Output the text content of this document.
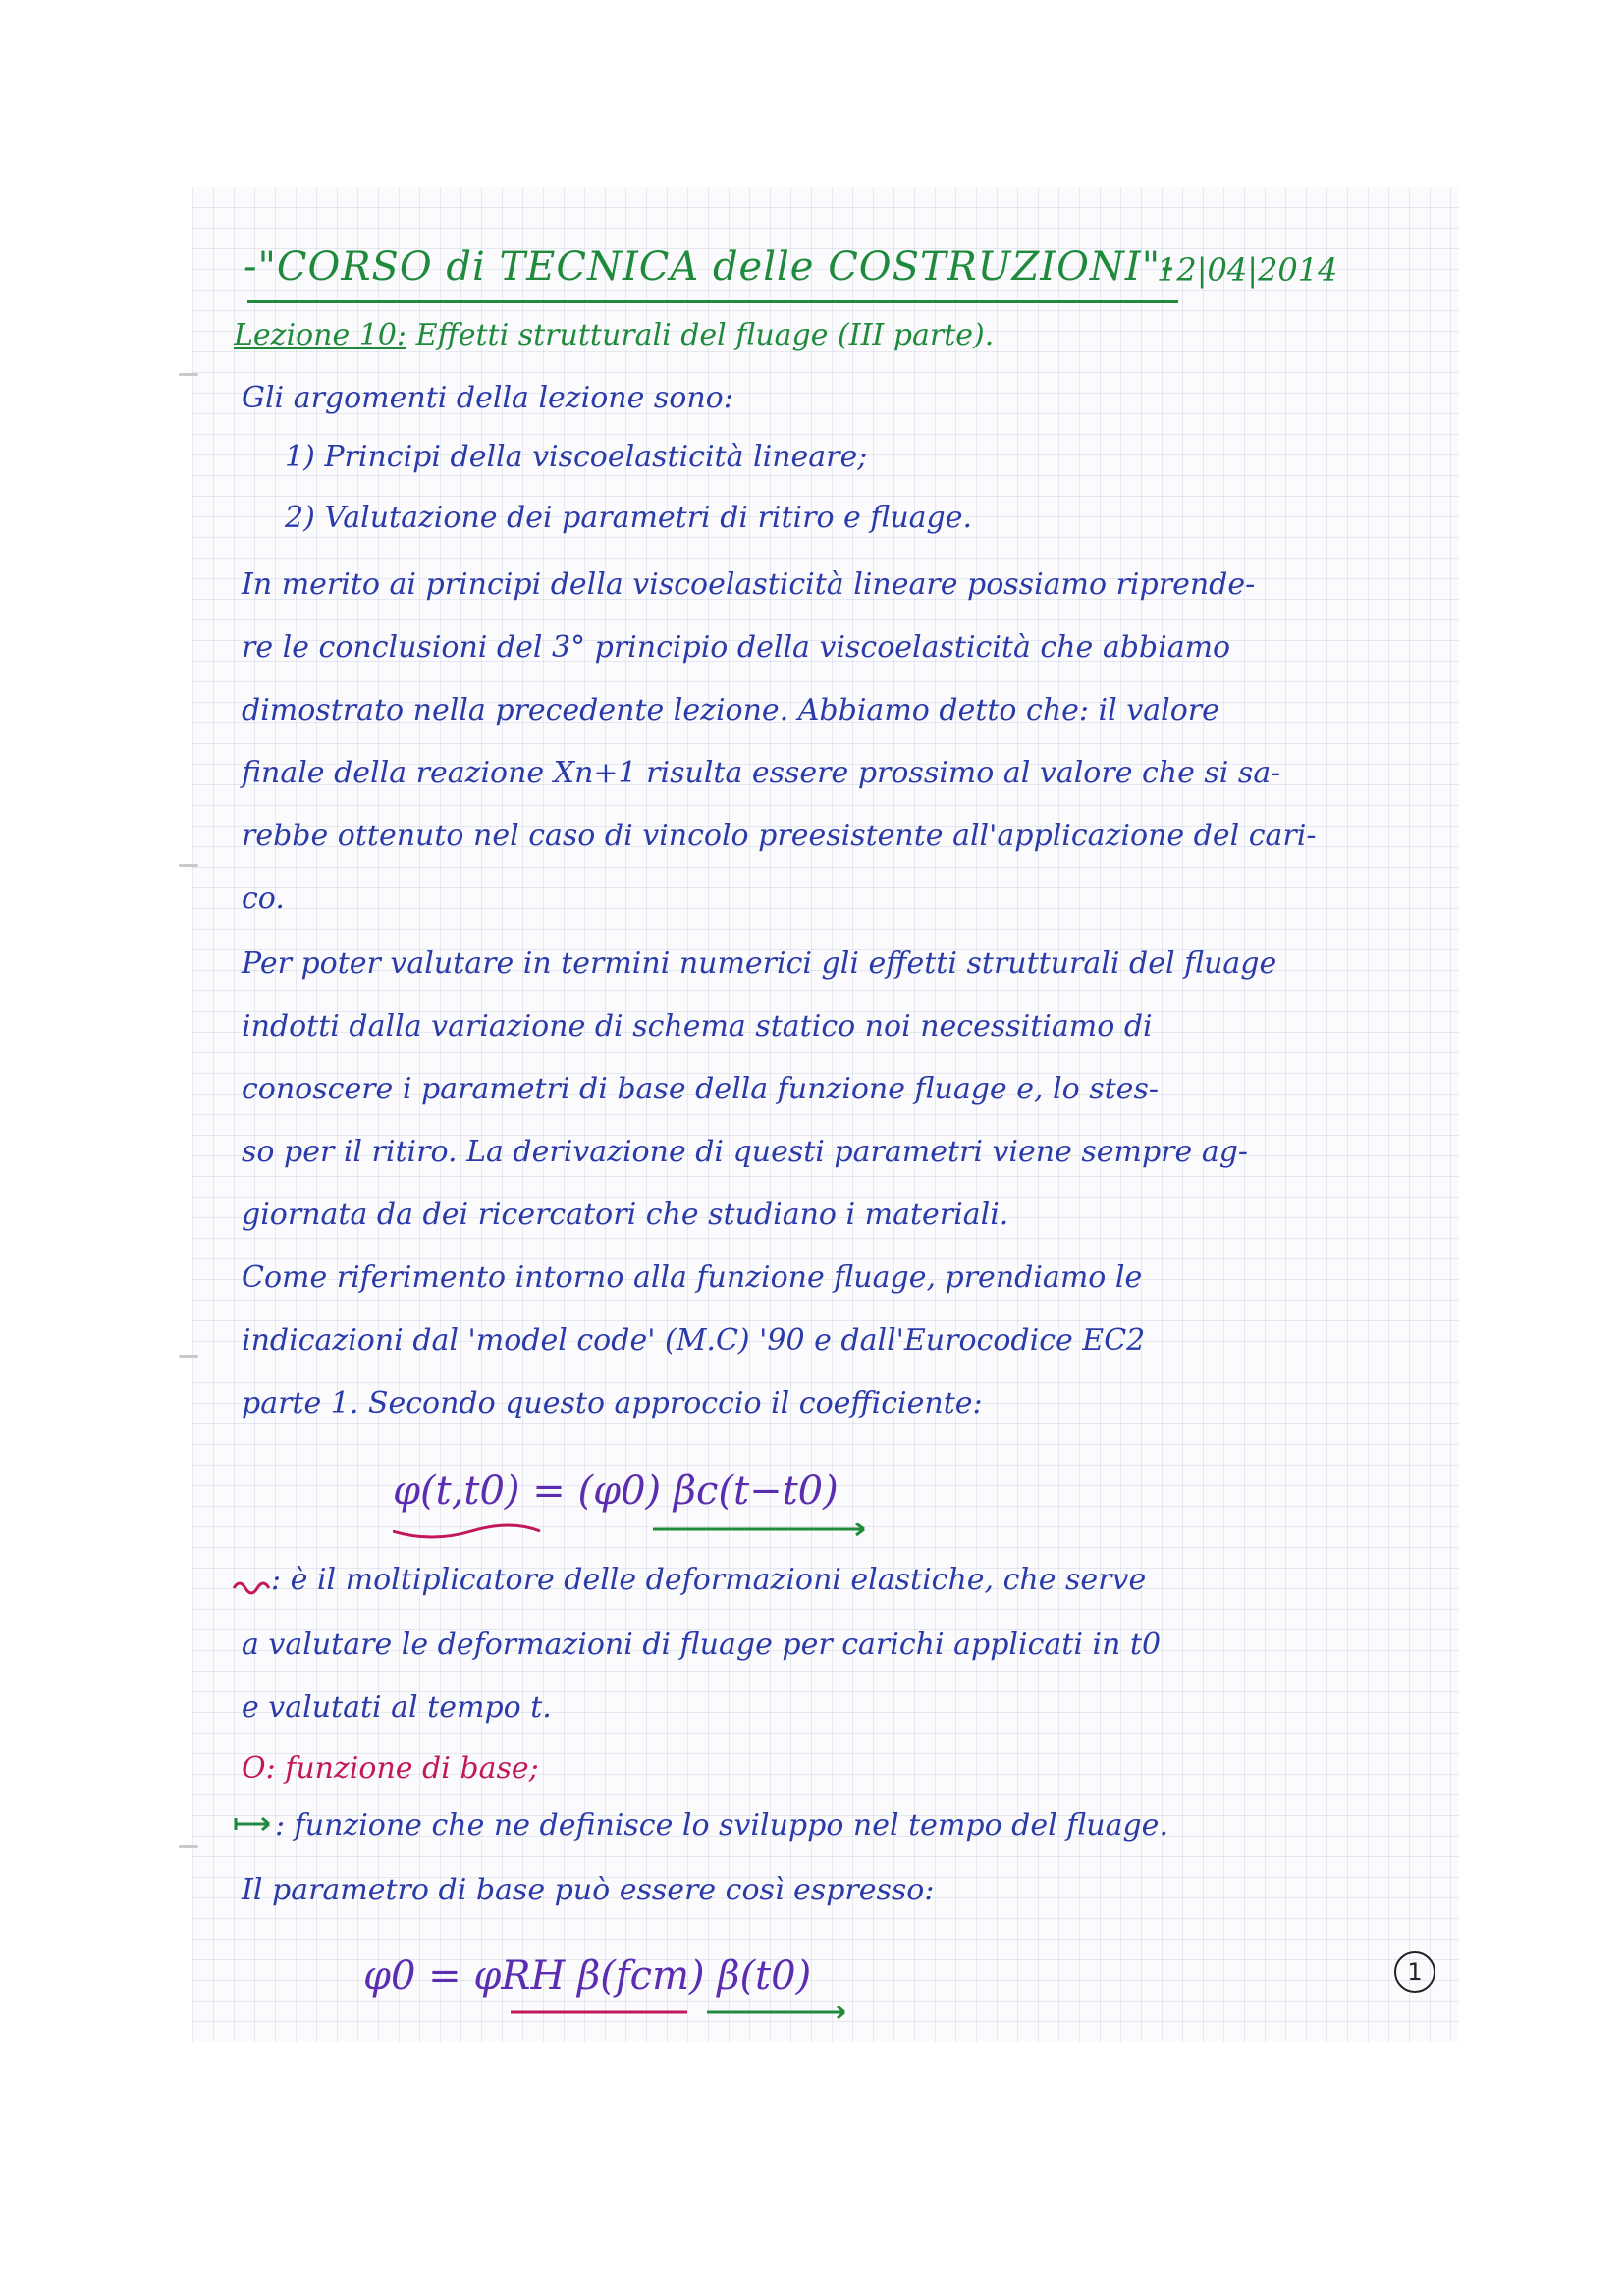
-"CORSO di TECNICA delle COSTRUZIONI"-
12|04|2014
Lezione 10: Effetti strutturali del fluage (III parte).
Gli argomenti della lezione sono:
1) Principi della viscoelasticità lineare;
2) Valutazione dei parametri di ritiro e fluage.
In merito ai principi della viscoelasticità lineare possiamo riprende-
re le conclusioni del 3° principio della viscoelasticità che abbiamo
dimostrato nella precedente lezione. Abbiamo detto che: il valore
finale della reazione Xn+1 risulta essere prossimo al valore che si sa-
rebbe ottenuto nel caso di vincolo preesistente all'applicazione del cari-
co.
Per poter valutare in termini numerici gli effetti strutturali del fluage
indotti dalla variazione di schema statico noi necessitiamo di
conoscere i parametri di base della funzione fluage e, lo stes-
so per il ritiro. La derivazione di questi parametri viene sempre ag-
giornata da dei ricercatori che studiano i materiali.
Come riferimento intorno alla funzione fluage, prendiamo le
indicazioni dal 'model code' (M.C) '90 e dall'Eurocodice EC2
parte 1. Secondo questo approccio il coefficiente:
φ(t,t0) = (φ0) βc(t−t0)
: è il moltiplicatore delle deformazioni elastiche, che serve
a valutare le deformazioni di fluage per carichi applicati in t0
e valutati al tempo t.
O: funzione di base;
: funzione che ne definisce lo sviluppo nel tempo del fluage.
Il parametro di base può essere così espresso:
φ0 = φRH β(fcm) β(t0)	1
